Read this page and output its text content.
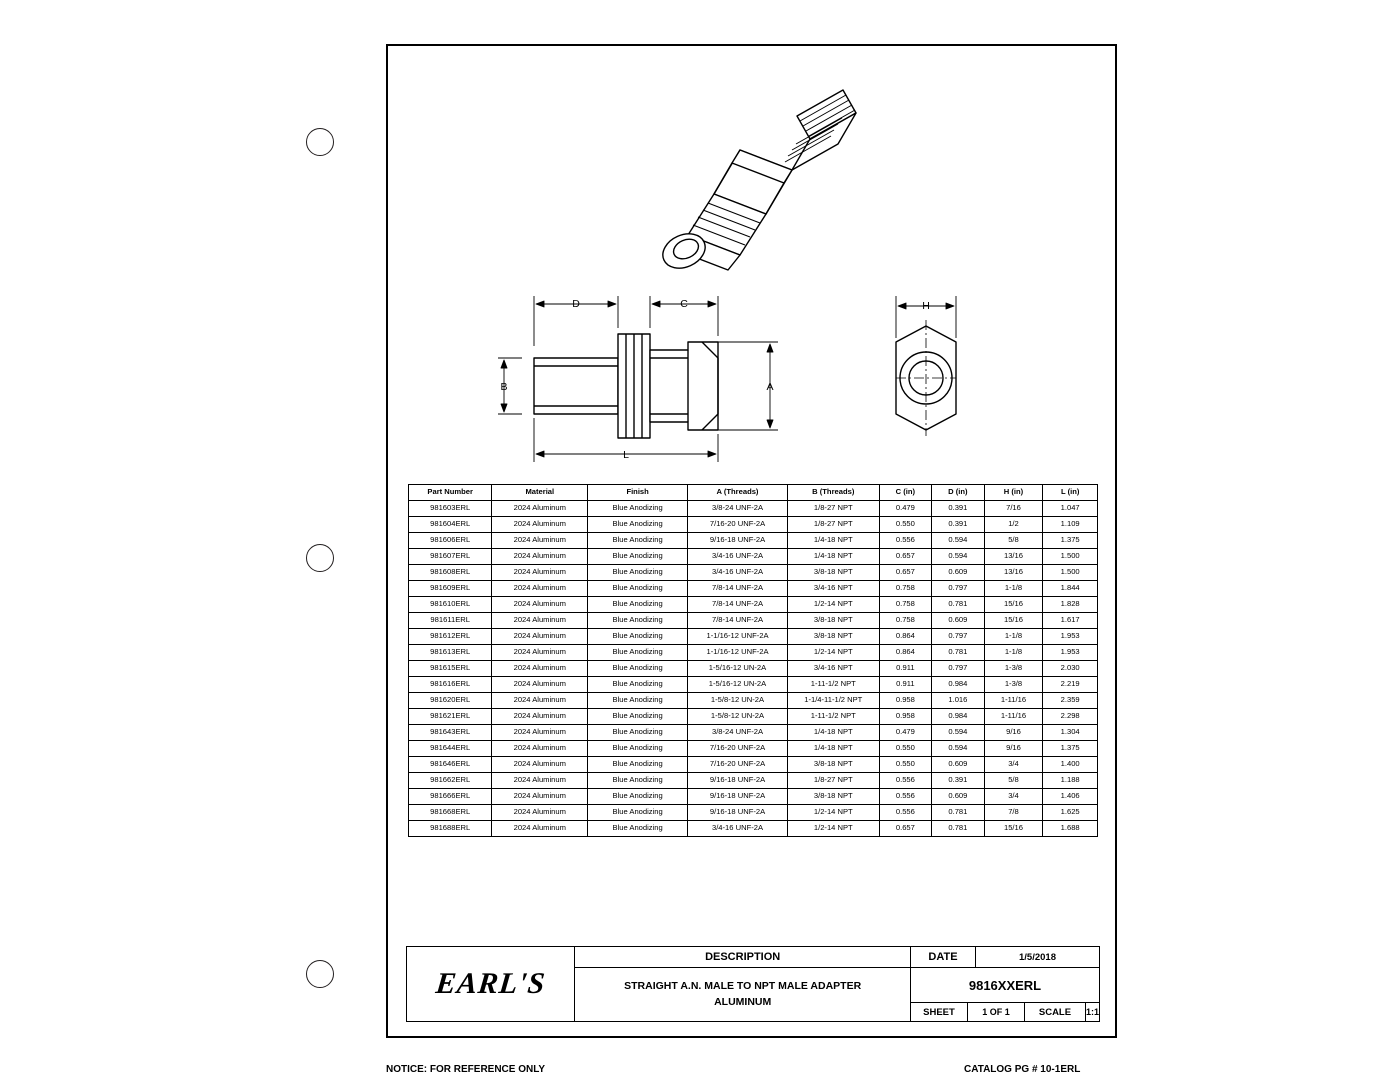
D	C
B	A
L
H
Part Number	Material	Finish	A (Threads)	B (Threads)	C (in)	D (in)	H (in)	L (in)
981603ERL	2024 Aluminum	Blue Anodizing	3/8-24 UNF-2A	1/8-27 NPT	0.479	0.391	7/16	1.047
981604ERL	2024 Aluminum	Blue Anodizing	7/16-20 UNF-2A	1/8-27 NPT	0.550	0.391	1/2	1.109
981606ERL	2024 Aluminum	Blue Anodizing	9/16-18 UNF-2A	1/4-18 NPT	0.556	0.594	5/8	1.375
981607ERL	2024 Aluminum	Blue Anodizing	3/4-16 UNF-2A	1/4-18 NPT	0.657	0.594	13/16	1.500
981608ERL	2024 Aluminum	Blue Anodizing	3/4-16 UNF-2A	3/8-18 NPT	0.657	0.609	13/16	1.500
981609ERL	2024 Aluminum	Blue Anodizing	7/8-14 UNF-2A	3/4-16 NPT	0.758	0.797	1-1/8	1.844
981610ERL	2024 Aluminum	Blue Anodizing	7/8-14 UNF-2A	1/2-14 NPT	0.758	0.781	15/16	1.828
981611ERL	2024 Aluminum	Blue Anodizing	7/8-14 UNF-2A	3/8-18 NPT	0.758	0.609	15/16	1.617
981612ERL	2024 Aluminum	Blue Anodizing	1-1/16-12 UNF-2A	3/8-18 NPT	0.864	0.797	1-1/8	1.953
981613ERL	2024 Aluminum	Blue Anodizing	1-1/16-12 UNF-2A	1/2-14 NPT	0.864	0.781	1-1/8	1.953
981615ERL	2024 Aluminum	Blue Anodizing	1-5/16-12 UN-2A	3/4-16 NPT	0.911	0.797	1-3/8	2.030
981616ERL	2024 Aluminum	Blue Anodizing	1-5/16-12 UN-2A	1-11-1/2 NPT	0.911	0.984	1-3/8	2.219
981620ERL	2024 Aluminum	Blue Anodizing	1-5/8-12 UN-2A	1-1/4-11-1/2 NPT	0.958	1.016	1-11/16	2.359
981621ERL	2024 Aluminum	Blue Anodizing	1-5/8-12 UN-2A	1-11-1/2 NPT	0.958	0.984	1-11/16	2.298
981643ERL	2024 Aluminum	Blue Anodizing	3/8-24 UNF-2A	1/4-18 NPT	0.479	0.594	9/16	1.304
981644ERL	2024 Aluminum	Blue Anodizing	7/16-20 UNF-2A	1/4-18 NPT	0.550	0.594	9/16	1.375
981646ERL	2024 Aluminum	Blue Anodizing	7/16-20 UNF-2A	3/8-18 NPT	0.550	0.609	3/4	1.400
981662ERL	2024 Aluminum	Blue Anodizing	9/16-18 UNF-2A	1/8-27 NPT	0.556	0.391	5/8	1.188
981666ERL	2024 Aluminum	Blue Anodizing	9/16-18 UNF-2A	3/8-18 NPT	0.556	0.609	3/4	1.406
981668ERL	2024 Aluminum	Blue Anodizing	9/16-18 UNF-2A	1/2-14 NPT	0.556	0.781	7/8	1.625
981688ERL	2024 Aluminum	Blue Anodizing	3/4-16 UNF-2A	1/2-14 NPT	0.657	0.781	15/16	1.688
EARL'S
DESCRIPTION
STRAIGHT A.N. MALE TO NPT MALE ADAPTER
ALUMINUM
DATE	1/5/2018
9816XXERL
SHEET	1 OF 1	SCALE	1:1
NOTICE: FOR REFERENCE ONLY	CATALOG PG # 10-1ERL
